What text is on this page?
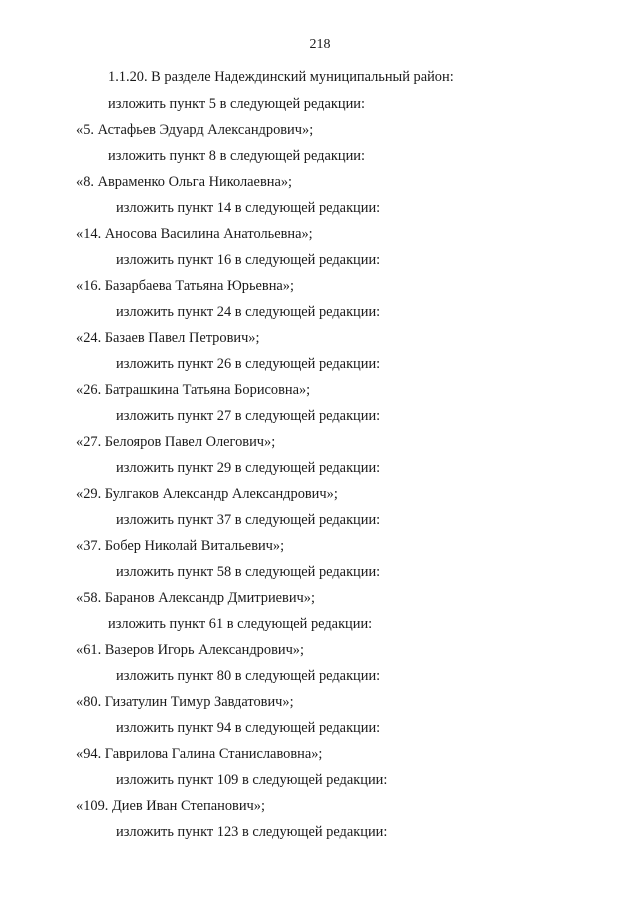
218
1.1.20. В разделе Надеждинский муниципальный район:
изложить пункт 5 в следующей редакции:
«5. Астафьев Эдуард Александрович»;
изложить пункт 8 в следующей редакции:
«8. Авраменко Ольга Николаевна»;
изложить пункт 14 в следующей редакции:
«14. Аносова Василина Анатольевна»;
изложить пункт 16 в следующей редакции:
«16. Базарбаева Татьяна Юрьевна»;
изложить пункт 24 в следующей редакции:
«24. Базаев Павел Петрович»;
изложить пункт 26 в следующей редакции:
«26. Батрашкина Татьяна Борисовна»;
изложить пункт 27 в следующей редакции:
«27. Белояров Павел Олегович»;
изложить пункт 29 в следующей редакции:
«29. Булгаков Александр Александрович»;
изложить пункт 37 в следующей редакции:
«37. Бобер Николай Витальевич»;
изложить пункт 58 в следующей редакции:
«58. Баранов Александр Дмитриевич»;
изложить пункт 61 в следующей редакции:
«61. Вазеров Игорь Александрович»;
изложить пункт 80 в следующей редакции:
«80. Гизатулин Тимур Завдатович»;
изложить пункт 94 в следующей редакции:
«94. Гаврилова Галина Станиславовна»;
изложить пункт 109 в следующей редакции:
«109. Диев Иван Степанович»;
изложить пункт 123 в следующей редакции:
